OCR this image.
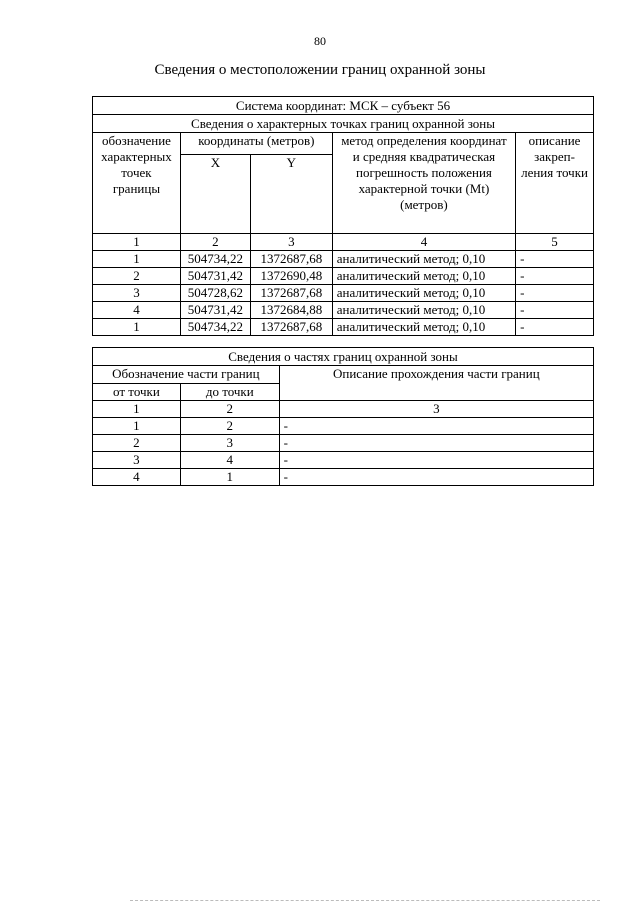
80
Сведения о местоположении границ охранной зоны
Система координат: МСК – субъект 56				
Сведения о характерных точках границ охранной зоны				
обозначение характерных точек границы	координаты (метров)		метод определения координат и средняя квадратическая погрешность положения характерной точки (Mt) (метров)	описание закреп-ления точки
	X	Y		
1	2	3	4	5
1	504734,22	1372687,68	аналитический метод; 0,10	-
2	504731,42	1372690,48	аналитический метод; 0,10	-
3	504728,62	1372687,68	аналитический метод; 0,10	-
4	504731,42	1372684,88	аналитический метод; 0,10	-
1	504734,22	1372687,68	аналитический метод; 0,10	-
Сведения о частях границ охранной зоны		
Обозначение части границ		Описание прохождения части границ
от точки	до точки	
1	2	3
1	2	-
2	3	-
3	4	-
4	1	-
